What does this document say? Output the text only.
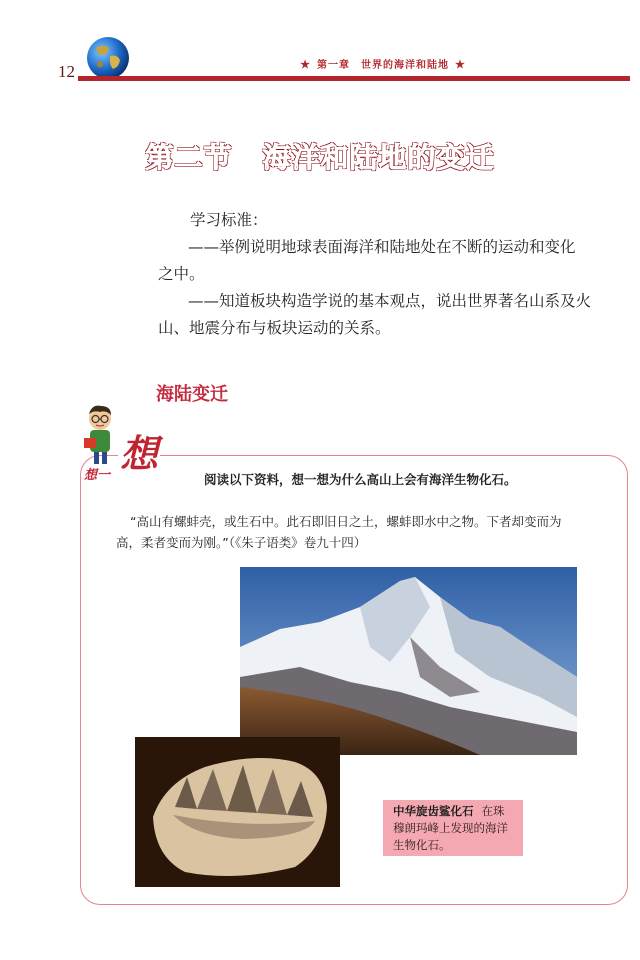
12	★ 第一章　世界的海洋和陆地 ★
第二节 海洋和陆地的变迁
学习标准：
——举例说明地球表面海洋和陆地处在不断的运动和变化
之中。
——知道板块构造学说的基本观点，说出世界著名山系及火
山、地震分布与板块运动的关系。
海陆变迁
想一 想
阅读以下资料，想一想为什么高山上会有海洋生物化石。
“高山有螺蚌壳，或生石中。此石即旧日之土，螺蚌即水中之物。下者却变而为
高，柔者变而为刚。”（《朱子语类》卷九十四）
中华旋齿鲨化石 在珠
穆朗玛峰上发现的海洋
生物化石。
